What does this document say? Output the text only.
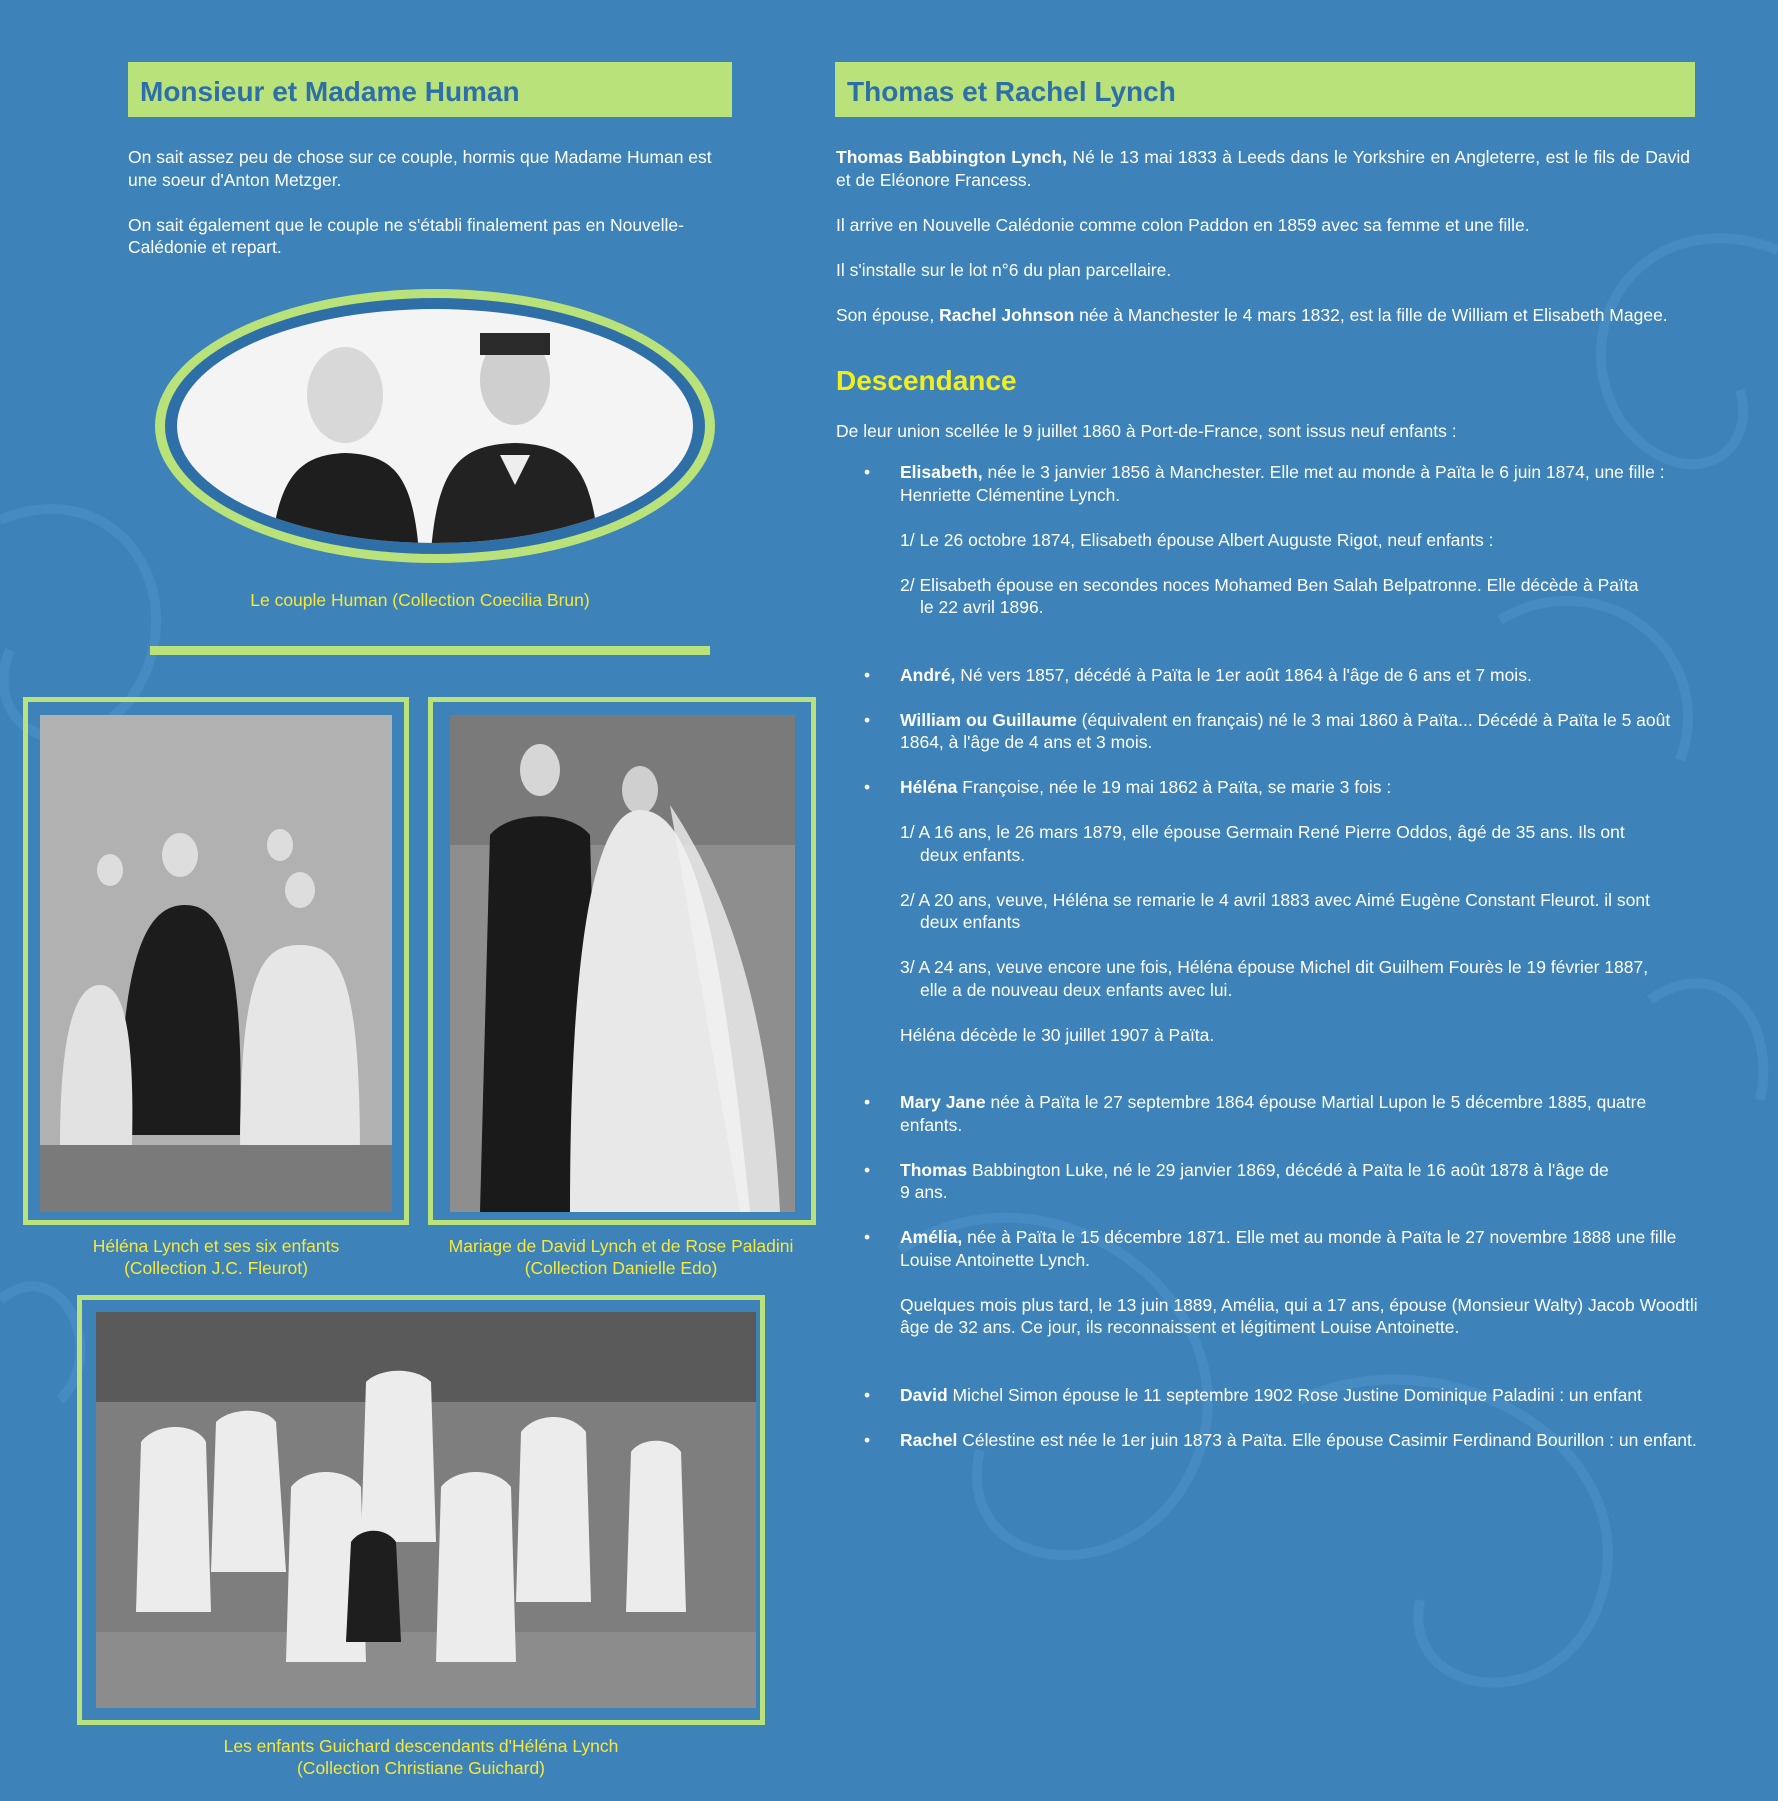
Monsieur et Madame Human

On sait assez peu de chose sur ce couple, hormis que Madame Human est une soeur d'Anton Metzger.

On sait également que le couple ne s'établi finalement pas en Nouvelle-Calédonie et repart.

Le couple Human (Collection Coecilia Brun)
Héléna Lynch et ses six enfants
(Collection J.C. Fleurot)
Mariage de David Lynch et de Rose Paladini
(Collection Danielle Edo)
Les enfants Guichard descendants d'Héléna Lynch
(Collection Christiane Guichard)
Thomas et Rachel Lynch

Thomas Babbington Lynch, Né le 13 mai 1833 à Leeds dans le Yorkshire en Angleterre, est le fils de David et de Eléonore Francess.

Il arrive en Nouvelle Calédonie comme colon Paddon en 1859 avec sa femme et une fille.

Il s'installe sur le lot n°6 du plan parcellaire.

Son épouse, Rachel Johnson née à Manchester le 4 mars 1832, est la fille de William et Elisabeth Magee.

Descendance
De leur union scellée le 9 juillet 1860 à Port-de-France, sont issus neuf enfants :
• Elisabeth, née le 3 janvier 1856 à Manchester. Elle met au monde à Païta le 6 juin 1874, une fille : Henriette Clémentine Lynch.
1/ Le 26 octobre 1874, Elisabeth épouse Albert Auguste Rigot, neuf enfants :
2/ Elisabeth épouse en secondes noces Mohamed Ben Salah Belpatronne. Elle décède à Païta
le 22 avril 1896.
• André, Né vers 1857, décédé à Païta le 1er août 1864 à l'âge de 6 ans et 7 mois.
• William ou Guillaume (équivalent en français) né le 3 mai 1860 à Païta... Décédé à Païta le 5 août 1864, à l'âge de 4 ans et 3 mois.
• Héléna Françoise, née le 19 mai 1862 à Païta, se marie 3 fois :
1/ A 16 ans, le 26 mars 1879, elle épouse Germain René Pierre Oddos, âgé de 35 ans. Ils ont
deux enfants.
2/ A 20 ans, veuve, Héléna se remarie le 4 avril 1883 avec Aimé Eugène Constant Fleurot. il sont
deux enfants
3/ A 24 ans, veuve encore une fois, Héléna épouse Michel dit Guilhem Fourès le 19 février 1887,
elle a de nouveau deux enfants avec lui.
Héléna décède le 30 juillet 1907 à Païta.
• Mary Jane née à Païta le 27 septembre 1864 épouse Martial Lupon le 5 décembre 1885, quatre enfants.
• Thomas Babbington Luke, né le 29 janvier 1869, décédé à Païta le 16 août 1878 à l'âge de
9 ans.
• Amélia, née à Païta le 15 décembre 1871. Elle met au monde à Païta le 27 novembre 1888 une fille Louise Antoinette Lynch.
Quelques mois plus tard, le 13 juin 1889, Amélia, qui a 17 ans, épouse (Monsieur Walty) Jacob Woodtli âge de 32 ans. Ce jour, ils reconnaissent et légitiment Louise Antoinette.
• David Michel Simon épouse le 11 septembre 1902 Rose Justine Dominique Paladini : un enfant
• Rachel Célestine est née le 1er juin 1873 à Païta. Elle épouse Casimir Ferdinand Bourillon : un enfant.
